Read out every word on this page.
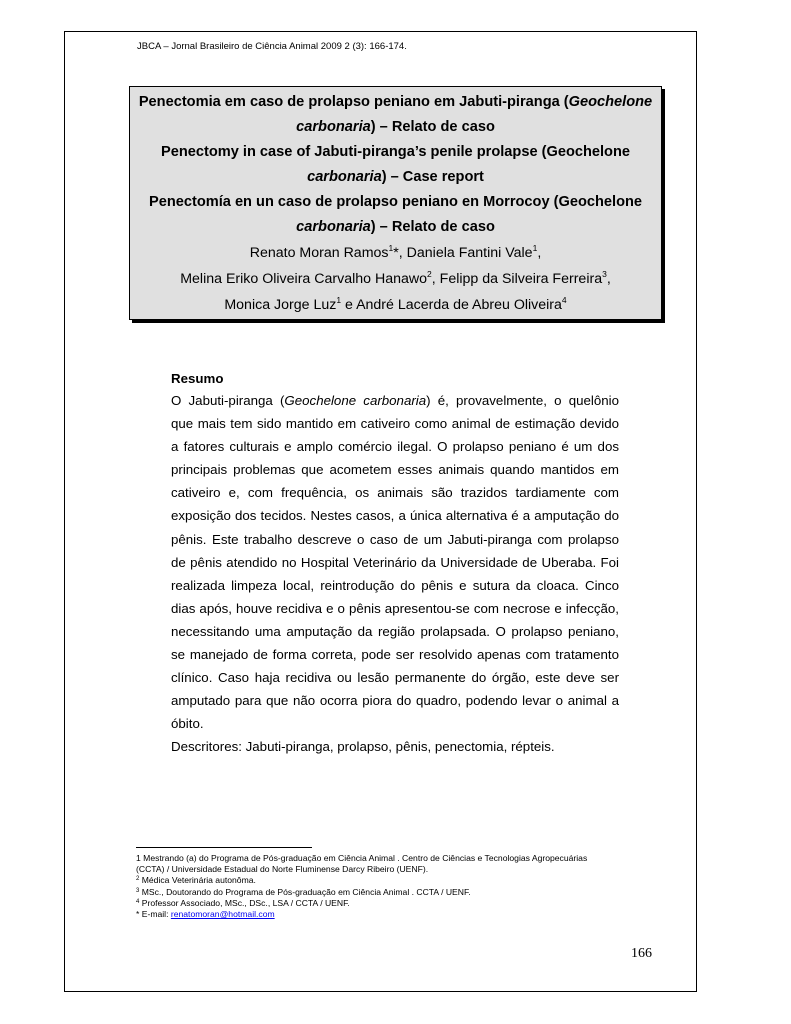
JBCA – Jornal Brasileiro de Ciência Animal 2009 2 (3): 166-174.
Penectomia em caso de prolapso peniano em Jabuti-piranga (Geochelone
carbonaria) – Relato de caso
Penectomy in case of Jabuti-piranga’s penile prolapse (Geochelone
carbonaria) – Case report
Penectomía en un caso de prolapso peniano en Morrocoy (Geochelone
carbonaria) – Relato de caso
Renato Moran Ramos$^1$*, Daniela Fantini Vale$^1$,
Melina Eriko Oliveira Carvalho Hanawo$^2$, Felipp da Silveira Ferreira$^3$,
Monica Jorge Luz$^1$ e André Lacerda de Abreu Oliveira$^4$
Resumo
O Jabuti-piranga (Geochelone carbonaria) é, provavelmente, o quelônio que mais tem sido mantido em cativeiro como animal de estimação devido a fatores culturais e amplo comércio ilegal. O prolapso peniano é um dos principais problemas que acometem esses animais quando mantidos em cativeiro e, com frequência, os animais são trazidos tardiamente com exposição dos tecidos. Nestes casos, a única alternativa é a amputação do pênis. Este trabalho descreve o caso de um Jabuti-piranga com prolapso de pênis atendido no Hospital Veterinário da Universidade de Uberaba. Foi realizada limpeza local, reintrodução do pênis e sutura da cloaca. Cinco dias após, houve recidiva e o pênis apresentou-se com necrose e infecção, necessitando uma amputação da região prolapsada. O prolapso peniano, se manejado de forma correta, pode ser resolvido apenas com tratamento clínico. Caso haja recidiva ou lesão permanente do órgão, este deve ser amputado para que não ocorra piora do quadro, podendo levar o animal a óbito.
Descritores: Jabuti-piranga, prolapso, pênis, penectomia, répteis.
1 Mestrando (a) do Programa de Pós-graduação em Ciência Animal . Centro de Ciências e Tecnologias Agropecuárias (CCTA) / Universidade Estadual do Norte Fluminense Darcy Ribeiro (UENF).
$^2$ Médica Veterinária autonôma.
$^3$ MSc., Doutorando do Programa de Pós-graduação em Ciência Animal . CCTA / UENF.
$^4$ Professor Associado, MSc., DSc., LSA / CCTA / UENF.
* E-mail: renatomoran@hotmail.com
166
